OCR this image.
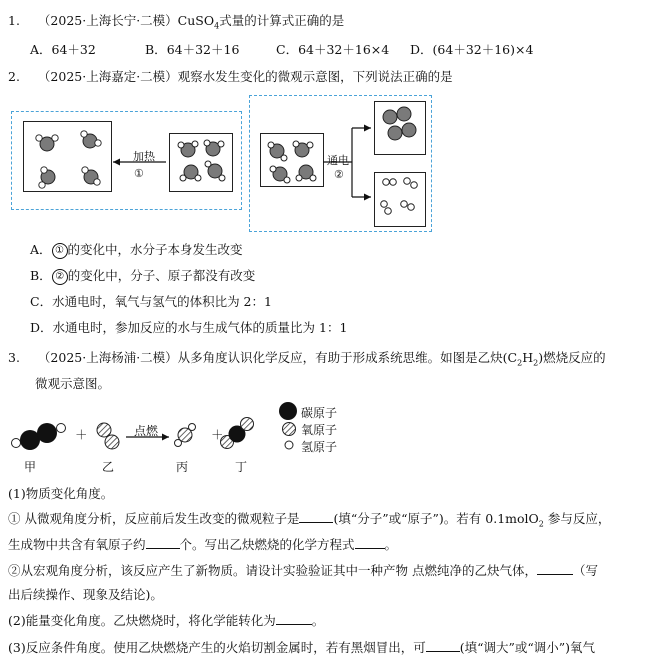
1. （2025·上海长宁·二模）CuSO$_4$式量的计算式正确的是
A．64＋32	B．64＋32＋16	C．64＋32＋16×4 D．(64＋32＋16)×4
2. （2025·上海嘉定·二模）观察水发生变化的微观示意图，下列说法正确的是
加热
①
通电
②
A． ① 的变化中，水分子本身发生改变
B． ② 的变化中，分子、原子都没有改变
C．水通电时，氧气与氢气的体积比为 2：1
D．水通电时，参加反应的水与生成气体的质量比为 1：1
3. （2025·上海杨浦·二模）从多角度认识化学反应，有助于形成系统思维。如图是乙炔$(C_2H_2)$燃烧反应的
微观示意图。
＋	＋
点燃
甲	乙	丙	丁
碳原子
氧原子
氢原子
(1)物质变化角度。
① 从微观角度分析，反应前后发生改变的微观粒子是	(填“分子”或“原子”)。若有 0.1molO$_2$ 参与反应，
生成物中共含有氧原子约	个。写出乙炔燃烧的化学方程式 。
②从宏观角度分析，该反应产生了新物质。请设计实验验证其中一种产物 点燃纯净的乙炔气体，	（写
出后续操作、现象及结论)。
(2)能量变化角度。乙炔燃烧时，将化学能转化为	。
(3)反应条件角度。使用乙炔燃烧产生的火焰切割金属时，若有黑烟冒出，可	(填“调大”或“调小”)氧气
